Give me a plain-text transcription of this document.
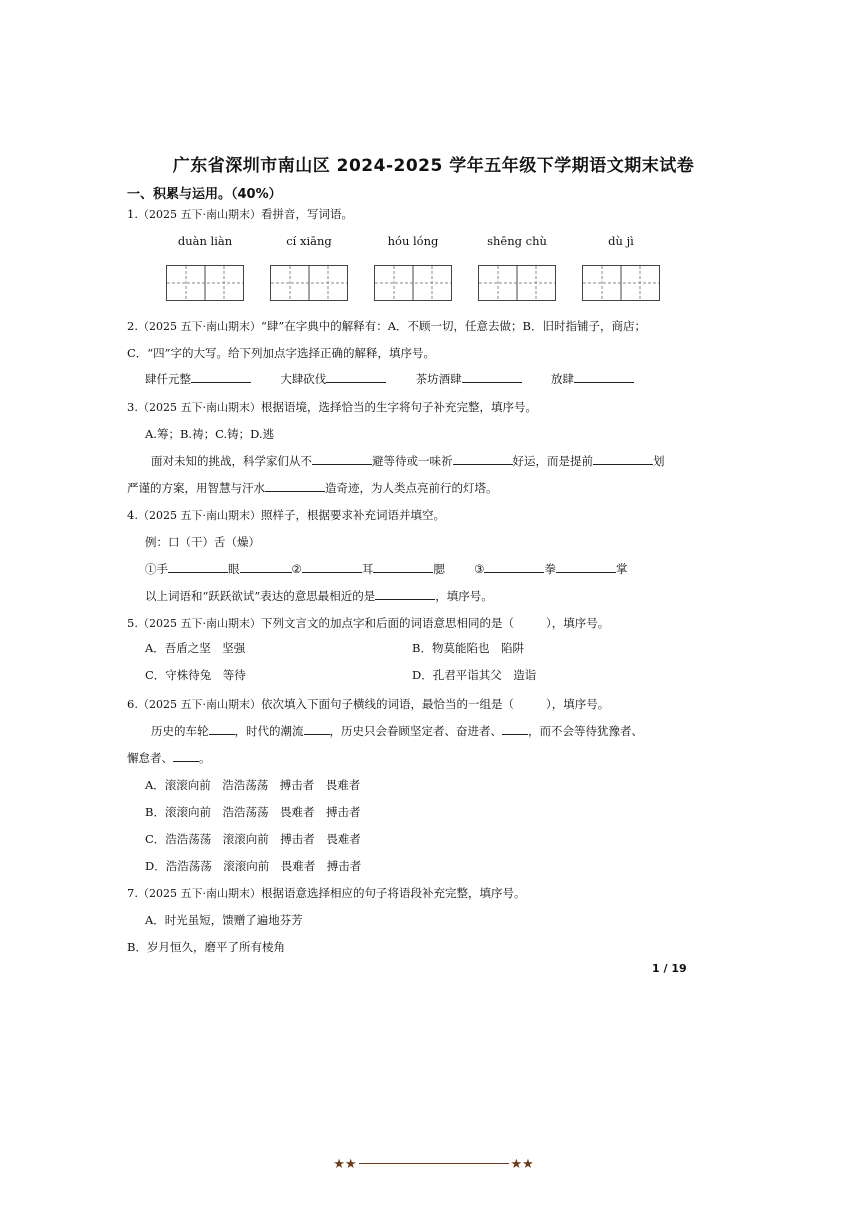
广东省深圳市南山区 2024-2025 学年五年级下学期语文期末试卷
一、积累与运用。（40%）
1.（2025 五下·南山期末）看拼音，写词语。
duàn liàn	cí xiāng	hóu lóng	shēng chù	dù jì
2.（2025 五下·南山期末）“肆”在字典中的解释有：A．不顾一切，任意去做；B．旧时指铺子，商店；
C．“四”字的大写。给下列加点字选择正确的解释，填序号。
肆仟元整	大肆砍伐	茶坊酒肆	放肆
3.（2025 五下·南山期末）根据语境，选择恰当的生字将句子补充完整，填序号。
A.筹；B.祷；C.铸；D.逃
面对未知的挑战，科学家们从不	避等待或一味祈	好运，而是提前	划
严谨的方案，用智慧与汗水	造奇迹，为人类点亮前行的灯塔。
4.（2025 五下·南山期末）照样子，根据要求补充词语并填空。
例：口（干）舌（燥）
①手	眼	②	耳	腮	③	拳	掌
以上词语和“跃跃欲试”表达的意思最相近的是	，填序号。
5.（2025 五下·南山期末）下列文言文的加点字和后面的词语意思相同的是（	），填序号。
A．吾盾之坚　坚强	B．物莫能陷也　陷阱
C．守株待兔　等待	D．孔君平诣其父　造诣
6.（2025 五下·南山期末）依次填入下面句子横线的词语，最恰当的一组是（	），填序号。
历史的车轮 ，时代的潮流 ，历史只会眷顾坚定者、奋进者、 ，而不会等待犹豫者、
懈怠者、 。
A．滚滚向前　浩浩荡荡　搏击者　畏难者
B．滚滚向前　浩浩荡荡　畏难者　搏击者
C．浩浩荡荡　滚滚向前　搏击者　畏难者
D．浩浩荡荡　滚滚向前　畏难者　搏击者
7.（2025 五下·南山期末）根据语意选择相应的句子将语段补充完整，填序号。
A．时光虽短，馈赠了遍地芬芳
B．岁月恒久，磨平了所有棱角
1 / 19
★★	★★
